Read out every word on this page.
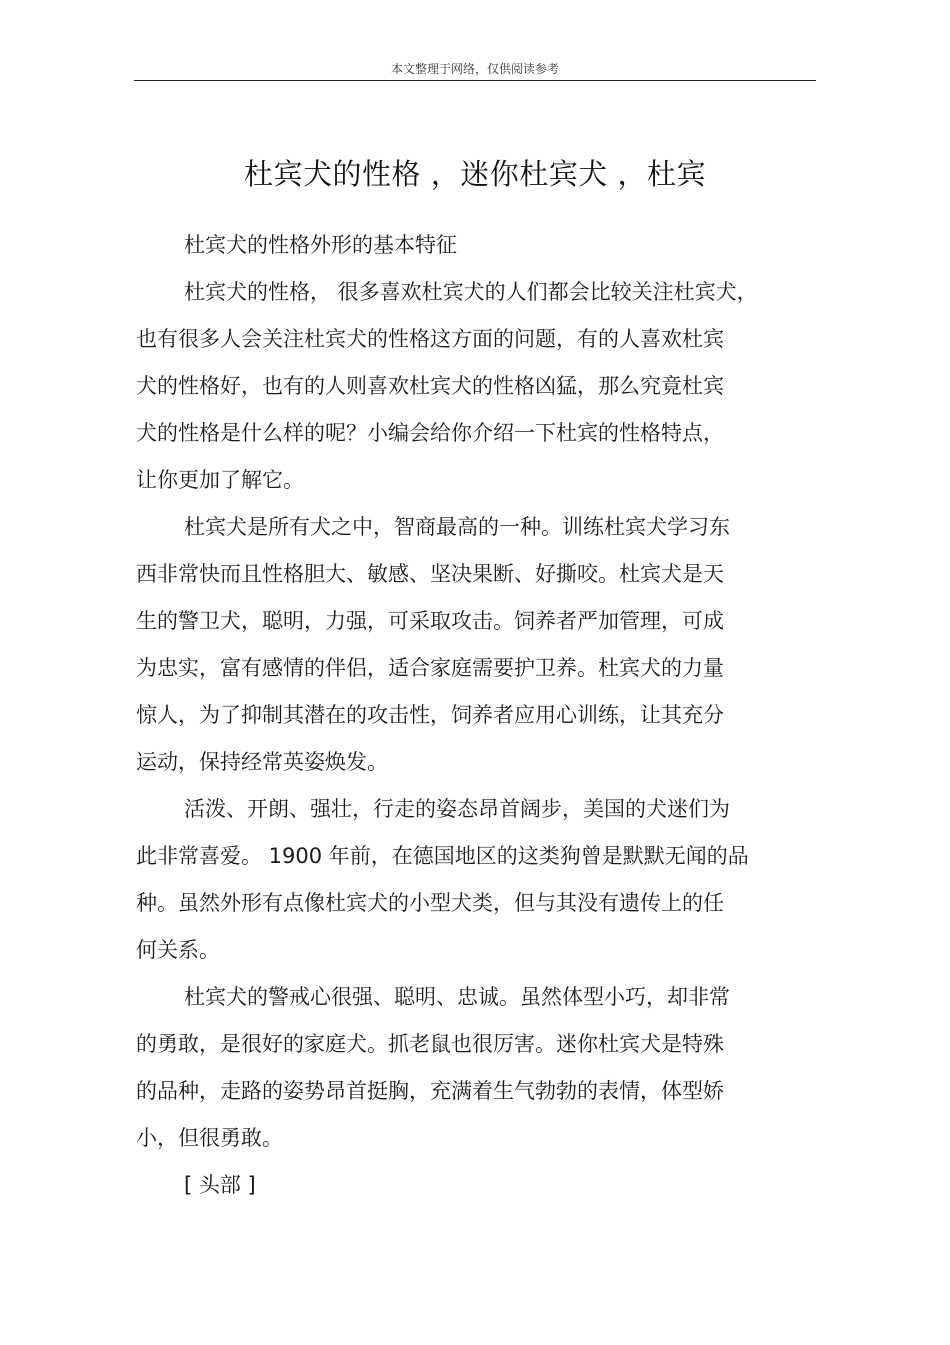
本文整理于网络，仅供阅读参考
杜宾犬的性格 ，迷你杜宾犬 ，杜宾
杜宾犬的性格外形的基本特征
杜宾犬的性格， 很多喜欢杜宾犬的人们都会比较关注杜宾犬，
也有很多人会关注杜宾犬的性格这方面的问题，有的人喜欢杜宾
犬的性格好，也有的人则喜欢杜宾犬的性格凶猛，那么究竟杜宾
犬的性格是什么样的呢？小编会给你介绍一下杜宾的性格特点，
让你更加了解它。
杜宾犬是所有犬之中，智商最高的一种。训练杜宾犬学习东
西非常快而且性格胆大、敏感、坚决果断、好撕咬。杜宾犬是天
生的警卫犬，聪明，力强，可采取攻击。饲养者严加管理，可成
为忠实，富有感情的伴侣，适合家庭需要护卫养。杜宾犬的力量
惊人，为了抑制其潜在的攻击性，饲养者应用心训练，让其充分
运动，保持经常英姿焕发。
活泼、开朗、强壮，行走的姿态昂首阔步，美国的犬迷们为
此非常喜爱。 1900 年前，在德国地区的这类狗曾是默默无闻的品
种。虽然外形有点像杜宾犬的小型犬类，但与其没有遗传上的任
何关系。
杜宾犬的警戒心很强、聪明、忠诚。虽然体型小巧，却非常
的勇敢，是很好的家庭犬。抓老鼠也很厉害。迷你杜宾犬是特殊
的品种，走路的姿势昂首挺胸，充满着生气勃勃的表情，体型娇
小，但很勇敢。
[ 头部 ]
